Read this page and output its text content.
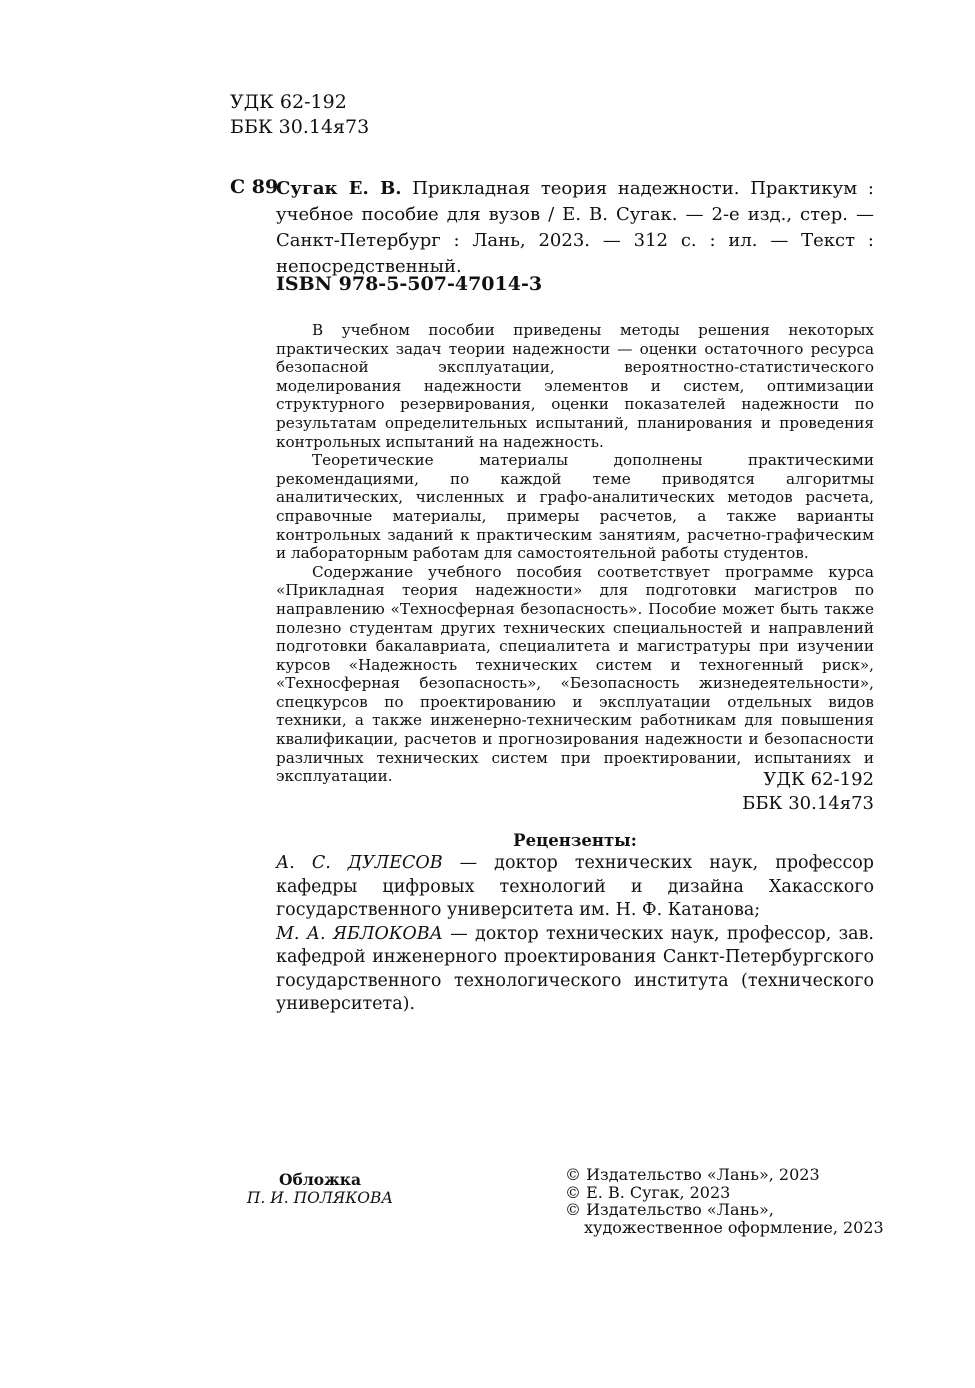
УДК 62-192
ББК 30.14я73
С 89
Сугак Е. В. Прикладная теория надежности. Практикум : учебное пособие для вузов / Е. В. Сугак. — 2-е изд., стер. — Санкт-Петербург : Лань, 2023. — 312 с. : ил. — Текст : непосредственный.
ISBN 978-5-507-47014-3

В учебном пособии приведены методы решения некоторых практических задач теории надежности — оценки остаточного ресурса безопасной эксплуатации, вероятностно-статистического моделирования надежности элементов и систем, оптимизации структурного резервирования, оценки показателей надежности по результатам определительных испытаний, планирования и проведения контрольных испытаний на надежность.

Теоретические материалы дополнены практическими рекомендациями, по каждой теме приводятся алгоритмы аналитических, численных и графо-аналитических методов расчета, справочные материалы, примеры расчетов, а также варианты контрольных заданий к практическим занятиям, расчетно-графическим и лабораторным работам для самостоятельной работы студентов.

Содержание учебного пособия соответствует программе курса «Прикладная теория надежности» для подготовки магистров по направлению «Техносферная безопасность». Пособие может быть также полезно студентам других технических специальностей и направлений подготовки бакалавриата, специалитета и магистратуры при изучении курсов «Надежность технических систем и техногенный риск», «Техносферная безопасность», «Безопасность жизнедеятельности», спецкурсов по проектированию и эксплуатации отдельных видов техники, а также инженерно-техническим работникам для повышения квалификации, расчетов и прогнозирования надежности и безопасности различных технических систем при проектировании, испытаниях и эксплуатации.	УДК 62-192
ББК 30.14я73
Рецензенты:

А. С. ДУЛЕСОВ — доктор технических наук, профессор кафедры цифровых технологий и дизайна Хакасского государственного университета им. Н. Ф. Катанова;

М. А. ЯБЛОКОВА — доктор технических наук, профессор, зав. кафедрой инженерного проектирования Санкт-Петербургского государственного технологического института (технического университета).

Обложка
П. И. ПОЛЯКОВА
© Издательство «Лань», 2023
© Е. В. Сугак, 2023
© Издательство «Лань»,
художественное оформление, 2023
